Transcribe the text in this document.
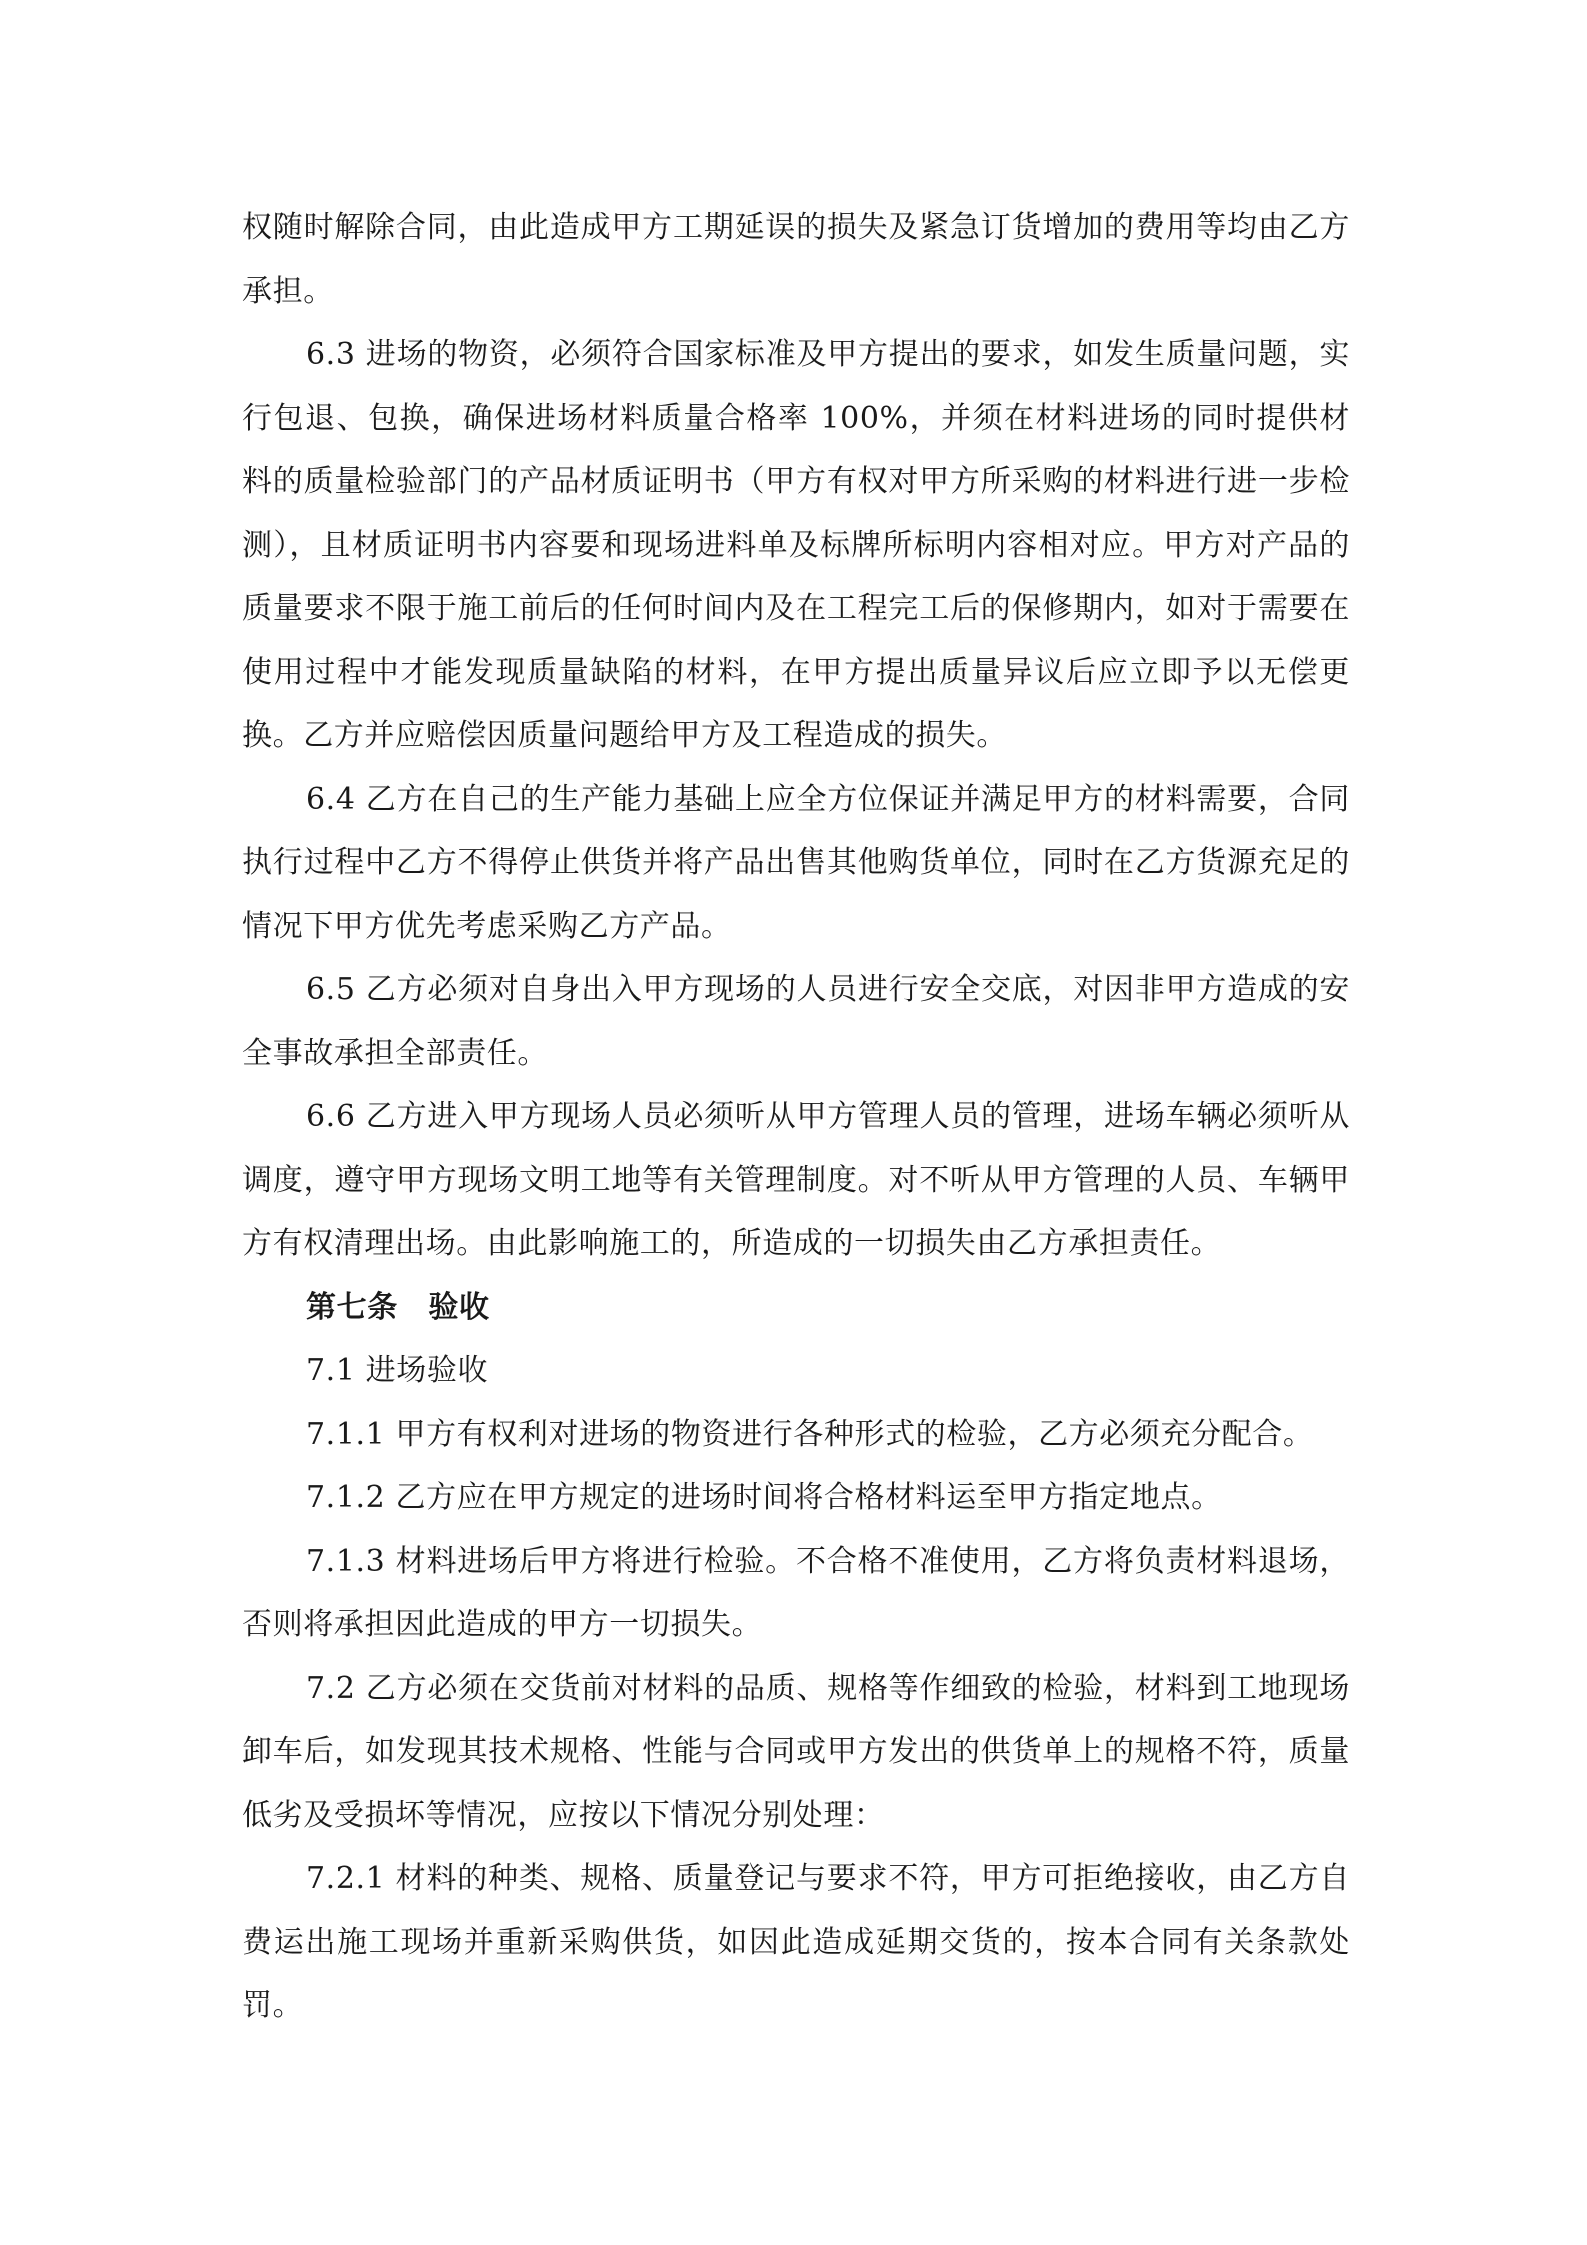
权随时解除合同，由此造成甲方工期延误的损失及紧急订货增加的费用等均由乙方承担。

6.3 进场的物资，必须符合国家标准及甲方提出的要求，如发生质量问题，实行包退、包换，确保进场材料质量合格率 100%，并须在材料进场的同时提供材料的质量检验部门的产品材质证明书（甲方有权对甲方所采购的材料进行进一步检测），且材质证明书内容要和现场进料单及标牌所标明内容相对应。甲方对产品的质量要求不限于施工前后的任何时间内及在工程完工后的保修期内，如对于需要在使用过程中才能发现质量缺陷的材料，在甲方提出质量异议后应立即予以无偿更换。乙方并应赔偿因质量问题给甲方及工程造成的损失。

6.4 乙方在自己的生产能力基础上应全方位保证并满足甲方的材料需要，合同执行过程中乙方不得停止供货并将产品出售其他购货单位，同时在乙方货源充足的情况下甲方优先考虑采购乙方产品。

6.5 乙方必须对自身出入甲方现场的人员进行安全交底，对因非甲方造成的安全事故承担全部责任。

6.6 乙方进入甲方现场人员必须听从甲方管理人员的管理，进场车辆必须听从调度，遵守甲方现场文明工地等有关管理制度。对不听从甲方管理的人员、车辆甲方有权清理出场。由此影响施工的，所造成的一切损失由乙方承担责任。

第七条　验收

7.1 进场验收

7.1.1 甲方有权利对进场的物资进行各种形式的检验，乙方必须充分配合。

7.1.2 乙方应在甲方规定的进场时间将合格材料运至甲方指定地点。

7.1.3 材料进场后甲方将进行检验。不合格不准使用，乙方将负责材料退场，否则将承担因此造成的甲方一切损失。

7.2 乙方必须在交货前对材料的品质、规格等作细致的检验，材料到工地现场卸车后，如发现其技术规格、性能与合同或甲方发出的供货单上的规格不符，质量低劣及受损坏等情况，应按以下情况分别处理：

7.2.1 材料的种类、规格、质量登记与要求不符，甲方可拒绝接收，由乙方自费运出施工现场并重新采购供货，如因此造成延期交货的，按本合同有关条款处罚。
